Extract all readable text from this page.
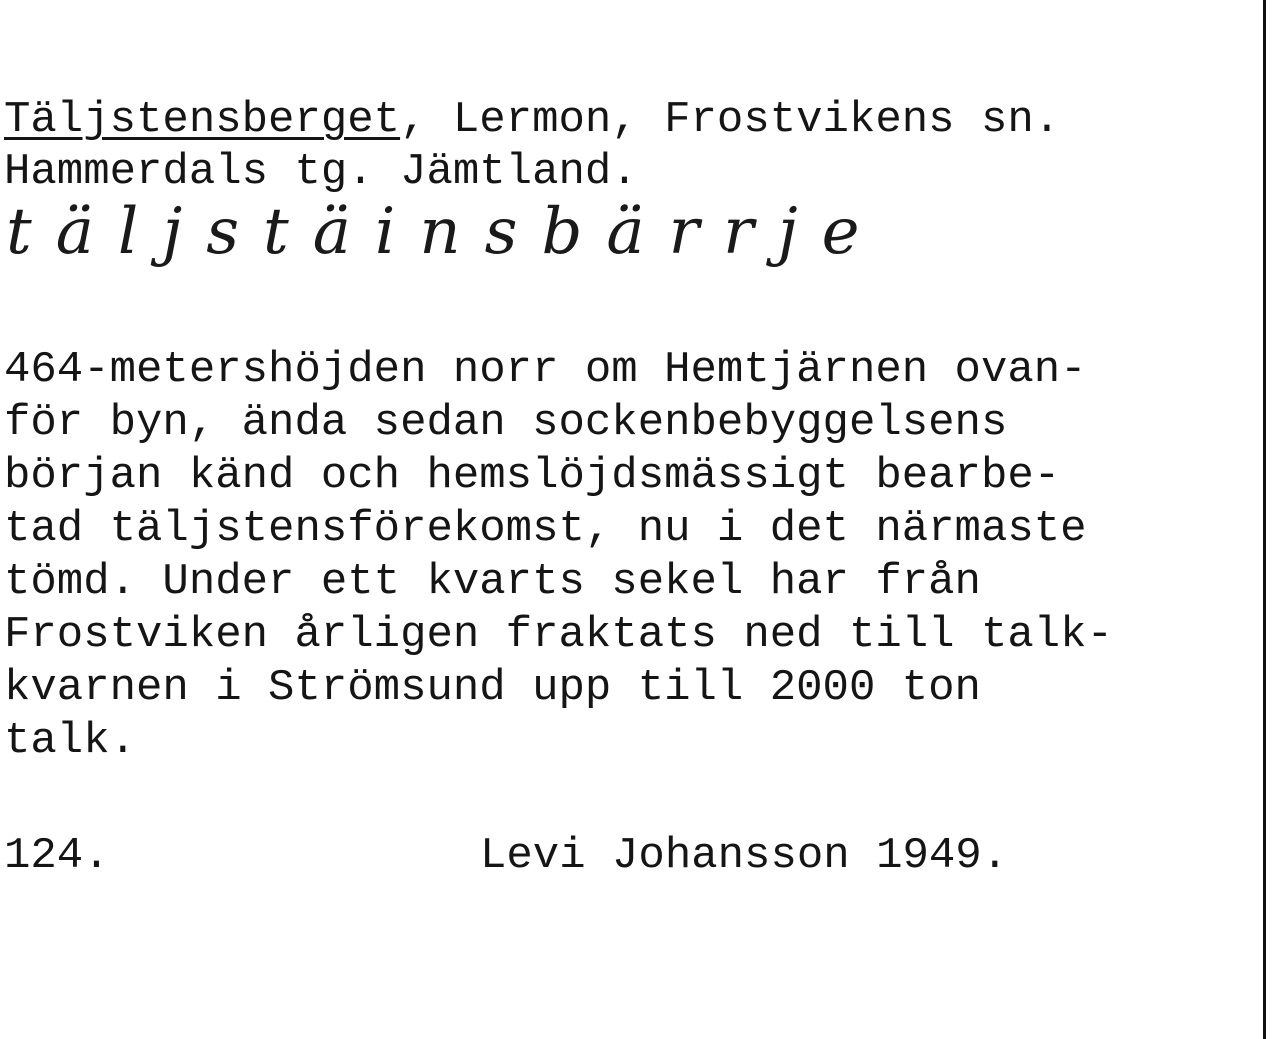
Täljstensberget, Lermon, Frostvikens sn.
Hammerdals tg. Jämtland.
täljstäinsbärrje
464-metershöjden norr om Hemtjärnen ovan-
för byn, ända sedan sockenbebyggelsens
början känd och hemslöjdsmässigt bearbe-
tad täljstensförekomst, nu i det närmaste
tömd. Under ett kvarts sekel har från
Frostviken årligen fraktats ned till talk-
kvarnen i Strömsund upp till 2000 ton
talk.
124.	Levi Johansson 1949.
